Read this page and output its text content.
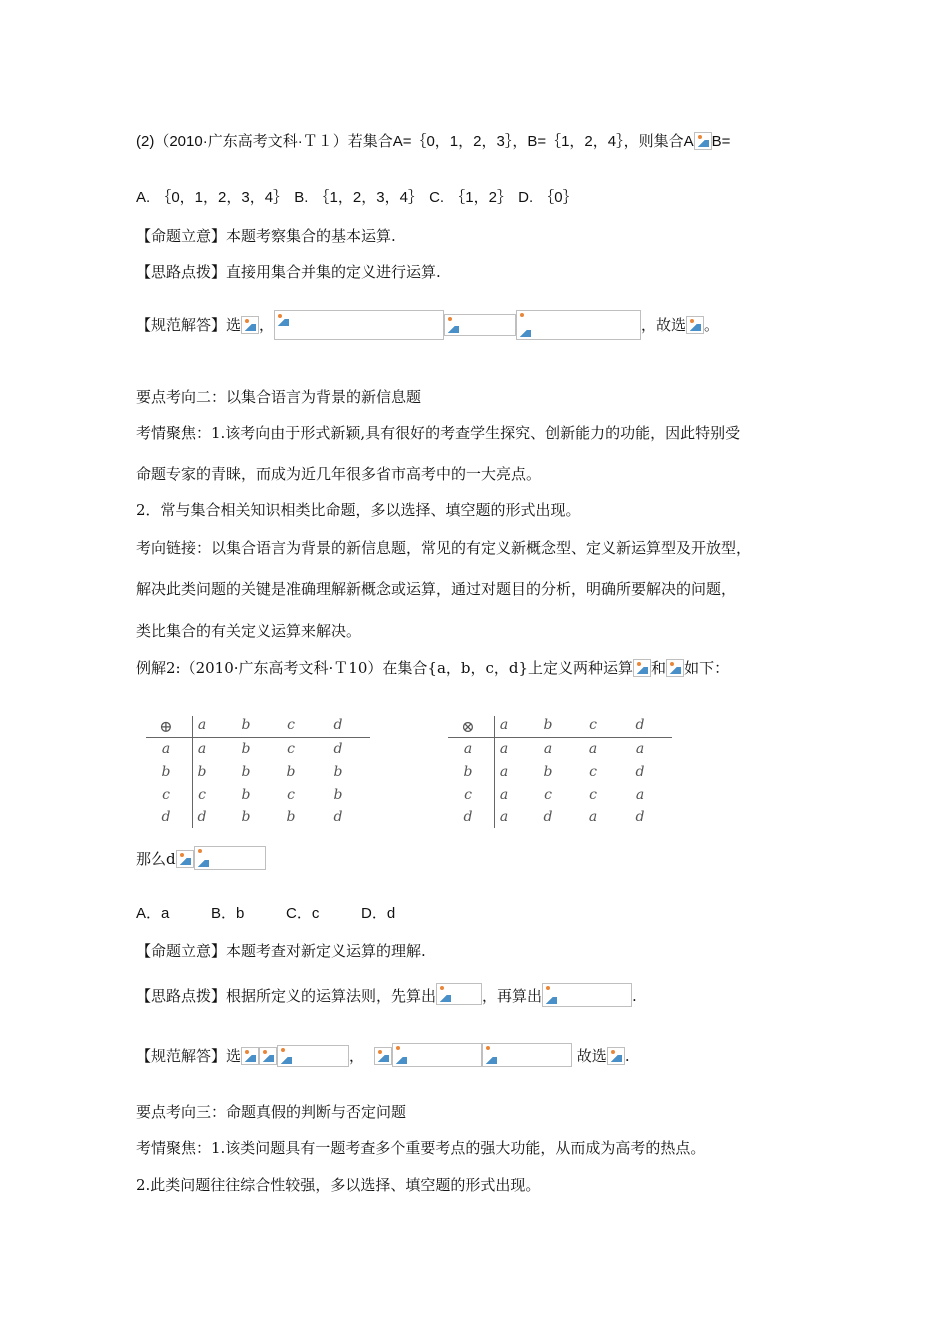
(2)（2010·广东高考文科·Ｔ１）若集合A=｛0，1，2，3｝，B=｛1，2，4｝，则集合A B=
A. ｛0，1，2，3，4｝ B. ｛1，2，3，4｝ C. ｛1，2｝ D. ｛0｝
【命题立意】本题考察集合的基本运算.
【思路点拨】直接用集合并集的定义进行运算.
【规范解答】选 ，	，故选 。
要点考向二：以集合语言为背景的新信息题
考情聚焦：1.该考向由于形式新颖,具有很好的考查学生探究、创新能力的功能，因此特别受
命题专家的青睐，而成为近几年很多省市高考中的一大亮点。
2．常与集合相关知识相类比命题，多以选择、填空题的形式出现。
考向链接：以集合语言为背景的新信息题，常见的有定义新概念型、定义新运算型及开放型，
解决此类问题的关键是准确理解新概念或运算，通过对题目的分析，明确所要解决的问题，
类比集合的有关定义运算来解决。
例解2:（2010·广东高考文科·Ｔ10）在集合{a，b，c，d}上定义两种运算 和 如下：
⊕	a	b	c	d
a	a	b	c	d
b	b	b	b	b
c	c	b	c	b
d	d	b	b	d
⊗	a	b	c	d
a	a	a	a	a
b	a	b	c	d
c	a	c	c	a
d	a	d	a	d
那么d
A．a          B．b          C．c          D．d
【命题立意】本题考查对新定义运算的理解.
【思路点拨】根据所定义的运算法则，先算出	，再算出	.
【规范解答】选	，	故选 .
要点考向三：命题真假的判断与否定问题
考情聚焦：1.该类问题具有一题考查多个重要考点的强大功能，从而成为高考的热点。
2.此类问题往往综合性较强，多以选择、填空题的形式出现。
